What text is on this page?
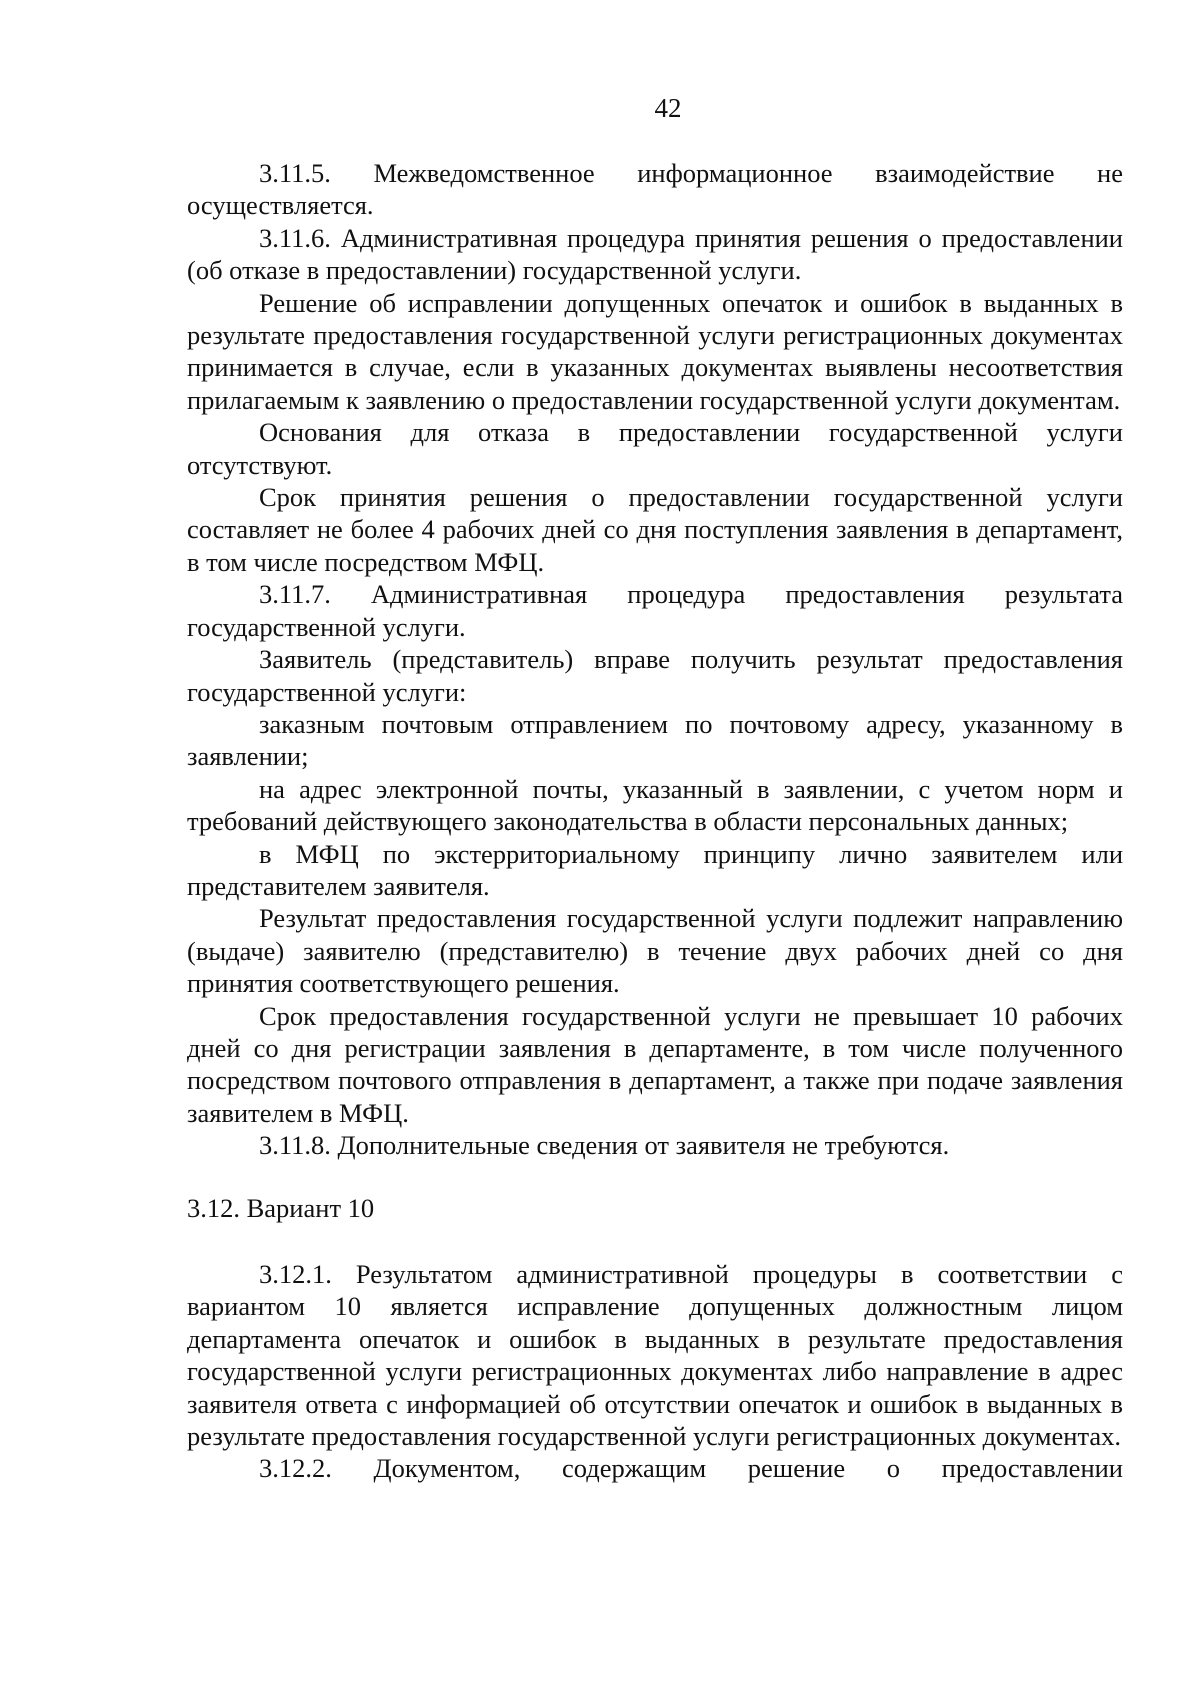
42

3.11.5. Межведомственное информационное взаимодействие не осуществляется.

3.11.6. Административная процедура принятия решения о предоставлении (об отказе в предоставлении) государственной услуги.

Решение об исправлении допущенных опечаток и ошибок в выданных в результате предоставления государственной услуги регистрационных документах принимается в случае, если в указанных документах выявлены несоответствия прилагаемым к заявлению о предоставлении государственной услуги документам.

Основания для отказа в предоставлении государственной услуги отсутствуют.

Срок принятия решения о предоставлении государственной услуги составляет не более 4 рабочих дней со дня поступления заявления в департамент, в том числе посредством МФЦ.

3.11.7. Административная процедура предоставления результата государственной услуги.

Заявитель (представитель) вправе получить результат предоставления государственной услуги:

заказным почтовым отправлением по почтовому адресу, указанному в заявлении;

на адрес электронной почты, указанный в заявлении, с учетом норм и требований действующего законодательства в области персональных данных;

в МФЦ по экстерриториальному принципу лично заявителем или представителем заявителя.

Результат предоставления государственной услуги подлежит направлению (выдаче) заявителю (представителю) в течение двух рабочих дней со дня принятия соответствующего решения.

Срок предоставления государственной услуги не превышает 10 рабочих дней со дня регистрации заявления в департаменте, в том числе полученного посредством почтового отправления в департамент, а также при подаче заявления заявителем в МФЦ.

3.11.8. Дополнительные сведения от заявителя не требуются.

3.12. Вариант 10

3.12.1. Результатом административной процедуры в соответствии с вариантом 10 является исправление допущенных должностным лицом департамента опечаток и ошибок в выданных в результате предоставления государственной услуги регистрационных документах либо направление в адрес заявителя ответа с информацией об отсутствии опечаток и ошибок в выданных в результате предоставления государственной услуги регистрационных документах.

3.12.2. Документом, содержащим решение о предоставлении
